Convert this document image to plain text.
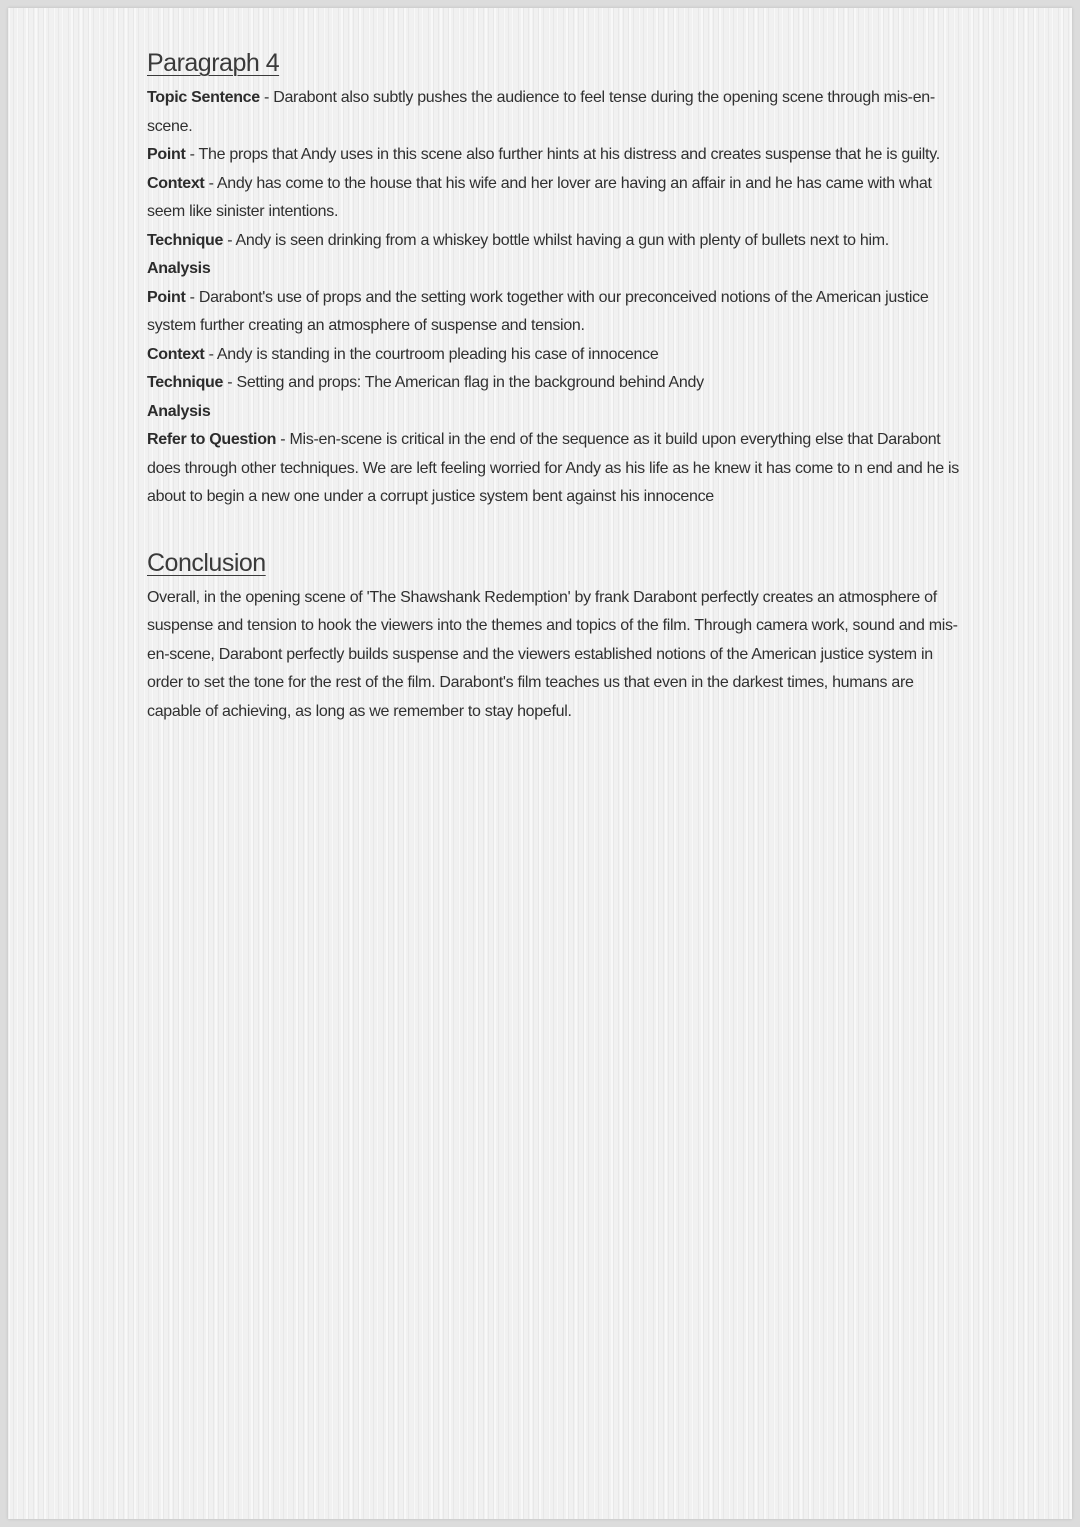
Paragraph 4

Topic Sentence - Darabont also subtly pushes the audience to feel tense during the opening scene through mis-en-scene.

Point - The props that Andy uses in this scene also further hints at his distress and creates suspense that he is guilty.

Context - Andy has come to the house that his wife and her lover are having an affair in and he has came with what seem like sinister intentions.

Technique - Andy is seen drinking from a whiskey bottle whilst having a gun with plenty of bullets next to him.

Analysis

Point - Darabont's use of props and the setting work together with our preconceived notions of the American justice system further creating an atmosphere of suspense and tension.

Context - Andy is standing in the courtroom pleading his case of innocence

Technique - Setting and props: The American flag in the background behind Andy

Analysis

Refer to Question - Mis-en-scene is critical in the end of the sequence as it build upon everything else that Darabont does through other techniques. We are left feeling worried for Andy as his life as he knew it has come to n end and he is about to begin a new one under a corrupt justice system bent against his innocence

Conclusion

Overall, in the opening scene of 'The Shawshank Redemption' by frank Darabont perfectly creates an atmosphere of suspense and tension to hook the viewers into the themes and topics of the film. Through camera work, sound and mis-en-scene, Darabont perfectly builds suspense and the viewers established notions of the American justice system in order to set the tone for the rest of the film. Darabont's film teaches us that even in the darkest times, humans are capable of achieving, as long as we remember to stay hopeful.
